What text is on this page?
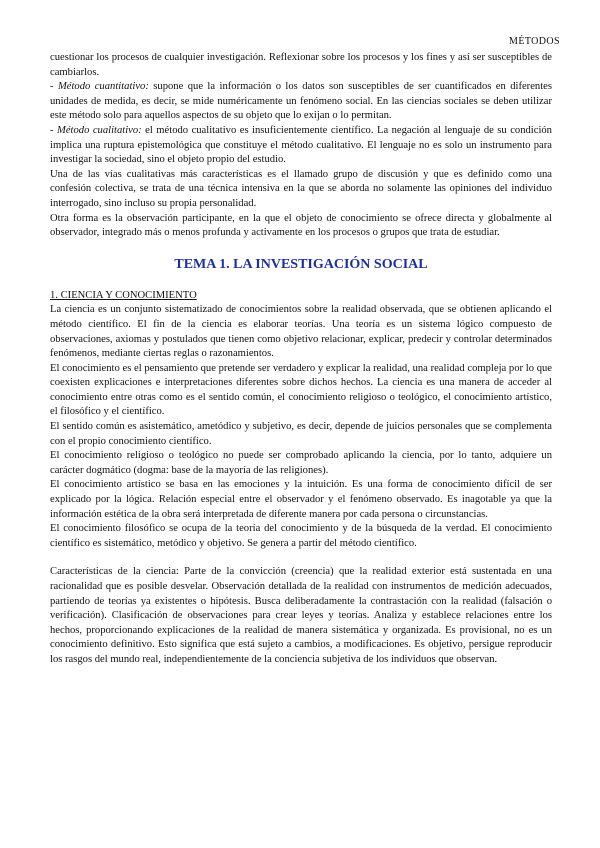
MÉTODOS

cuestionar los procesos de cualquier investigación. Reflexionar sobre los procesos y los fines y así ser susceptibles de cambiarlos.

- Método cuantitativo: supone que la información o los datos son susceptibles de ser cuantificados en diferentes unidades de medida, es decir, se mide numéricamente un fenómeno social. En las ciencias sociales se deben utilizar este método solo para aquellos aspectos de su objeto que lo exijan o lo permitan.

- Método cualitativo: el método cualitativo es insuficientemente científico. La negación al lenguaje de su condición implica una ruptura epistemológica que constituye el método cualitativo. El lenguaje no es solo un instrumento para investigar la sociedad, sino el objeto propio del estudio.

Una de las vías cualitativas más características es el llamado grupo de discusión y que es definido como una confesión colectiva, se trata de una técnica intensiva en la que se aborda no solamente las opiniones del individuo interrogado, sino incluso su propia personalidad.

Otra forma es la observación participante, en la que el objeto de conocimiento se ofrece directa y globalmente al observador, integrado más o menos profunda y activamente en los procesos o grupos que trata de estudiar.

TEMA 1. LA INVESTIGACIÓN SOCIAL

1. CIENCIA Y CONOCIMIENTO

La ciencia es un conjunto sistematizado de conocimientos sobre la realidad observada, que se obtienen aplicando el método científico. El fin de la ciencia es elaborar teorías. Una teoría es un sistema lógico compuesto de observaciones, axiomas y postulados que tienen como objetivo relacionar, explicar, predecir y controlar determinados fenómenos, mediante ciertas reglas o razonamientos.

El conocimiento es el pensamiento que pretende ser verdadero y explicar la realidad, una realidad compleja por lo que coexisten explicaciones e interpretaciones diferentes sobre dichos hechos. La ciencia es una manera de acceder al conocimiento entre otras como es el sentido común, el conocimiento religioso o teológico, el conocimiento artístico, el filosófico y el científico.

El sentido común es asistemático, ametódico y subjetivo, es decir, depende de juicios personales que se complementa con el propio conocimiento científico.

El conocimiento religioso o teológico no puede ser comprobado aplicando la ciencia, por lo tanto, adquiere un carácter dogmático (dogma: base de la mayoría de las religiones).

El conocimiento artístico se basa en las emociones y la intuición. Es una forma de conocimiento difícil de ser explicado por la lógica. Relación especial entre el observador y el fenómeno observado. Es inagotable ya que la información estética de la obra será interpretada de diferente manera por cada persona o circunstancias.

El conocimiento filosófico se ocupa de la teoría del conocimiento y de la búsqueda de la verdad. El conocimiento científico es sistemático, metódico y objetivo. Se genera a partir del método científico.

Características de la ciencia: Parte de la convicción (creencia) que la realidad exterior está sustentada en una racionalidad que es posible desvelar. Observación detallada de la realidad con instrumentos de medición adecuados, partiendo de teorías ya existentes o hipótesis. Busca deliberadamente la contrastación con la realidad (falsación o verificación). Clasificación de observaciones para crear leyes y teorías. Analiza y establece relaciones entre los hechos, proporcionando explicaciones de la realidad de manera sistemática y organizada. Es provisional, no es un conocimiento definitivo. Esto significa que está sujeto a cambios, a modificaciones. Es objetivo, persigue reproducir los rasgos del mundo real, independientemente de la conciencia subjetiva de los individuos que observan.
